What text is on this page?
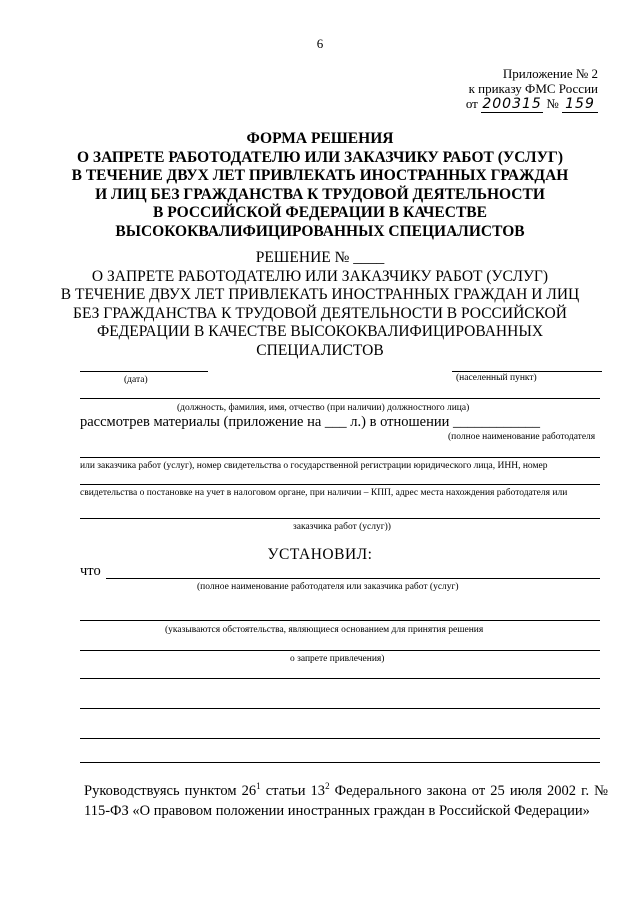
6
Приложение № 2
к приказу ФМС России
от 200315 № 159
ФОРМА РЕШЕНИЯ
О ЗАПРЕТЕ РАБОТОДАТЕЛЮ ИЛИ ЗАКАЗЧИКУ РАБОТ (УСЛУГ)
В ТЕЧЕНИЕ ДВУХ ЛЕТ ПРИВЛЕКАТЬ ИНОСТРАННЫХ ГРАЖДАН
И ЛИЦ БЕЗ ГРАЖДАНСТВА К ТРУДОВОЙ ДЕЯТЕЛЬНОСТИ
В РОССИЙСКОЙ ФЕДЕРАЦИИ В КАЧЕСТВЕ
ВЫСОКОКВАЛИФИЦИРОВАННЫХ СПЕЦИАЛИСТОВ
РЕШЕНИЕ № ____
О ЗАПРЕТЕ РАБОТОДАТЕЛЮ ИЛИ ЗАКАЗЧИКУ РАБОТ (УСЛУГ)
В ТЕЧЕНИЕ ДВУХ ЛЕТ ПРИВЛЕКАТЬ ИНОСТРАННЫХ ГРАЖДАН И ЛИЦ
БЕЗ ГРАЖДАНСТВА К ТРУДОВОЙ ДЕЯТЕЛЬНОСТИ В РОССИЙСКОЙ
ФЕДЕРАЦИИ В КАЧЕСТВЕ ВЫСОКОКВАЛИФИЦИРОВАННЫХ
СПЕЦИАЛИСТОВ
(дата)	(населенный пункт)
(должность, фамилия, имя, отчество (при наличии) должностного лица)
рассмотрев материалы (приложение на ___ л.) в отношении ____________
(полное наименование работодателя
или заказчика работ (услуг), номер свидетельства о государственной регистрации юридического лица, ИНН, номер
свидетельства о постановке на учет в налоговом органе, при наличии – КПП, адрес места нахождения работодателя или
заказчика работ (услуг))
УСТАНОВИЛ:
что
(полное наименование работодателя или заказчика работ (услуг)
(указываются обстоятельства, являющиеся основанием для принятия решения
о запрете привлечения)
Руководствуясь пунктом $26^1$ статьи $13^2$ Федерального закона от 25 июля 2002 г. № 115-ФЗ «О правовом положении иностранных граждан в Российской Федерации»
